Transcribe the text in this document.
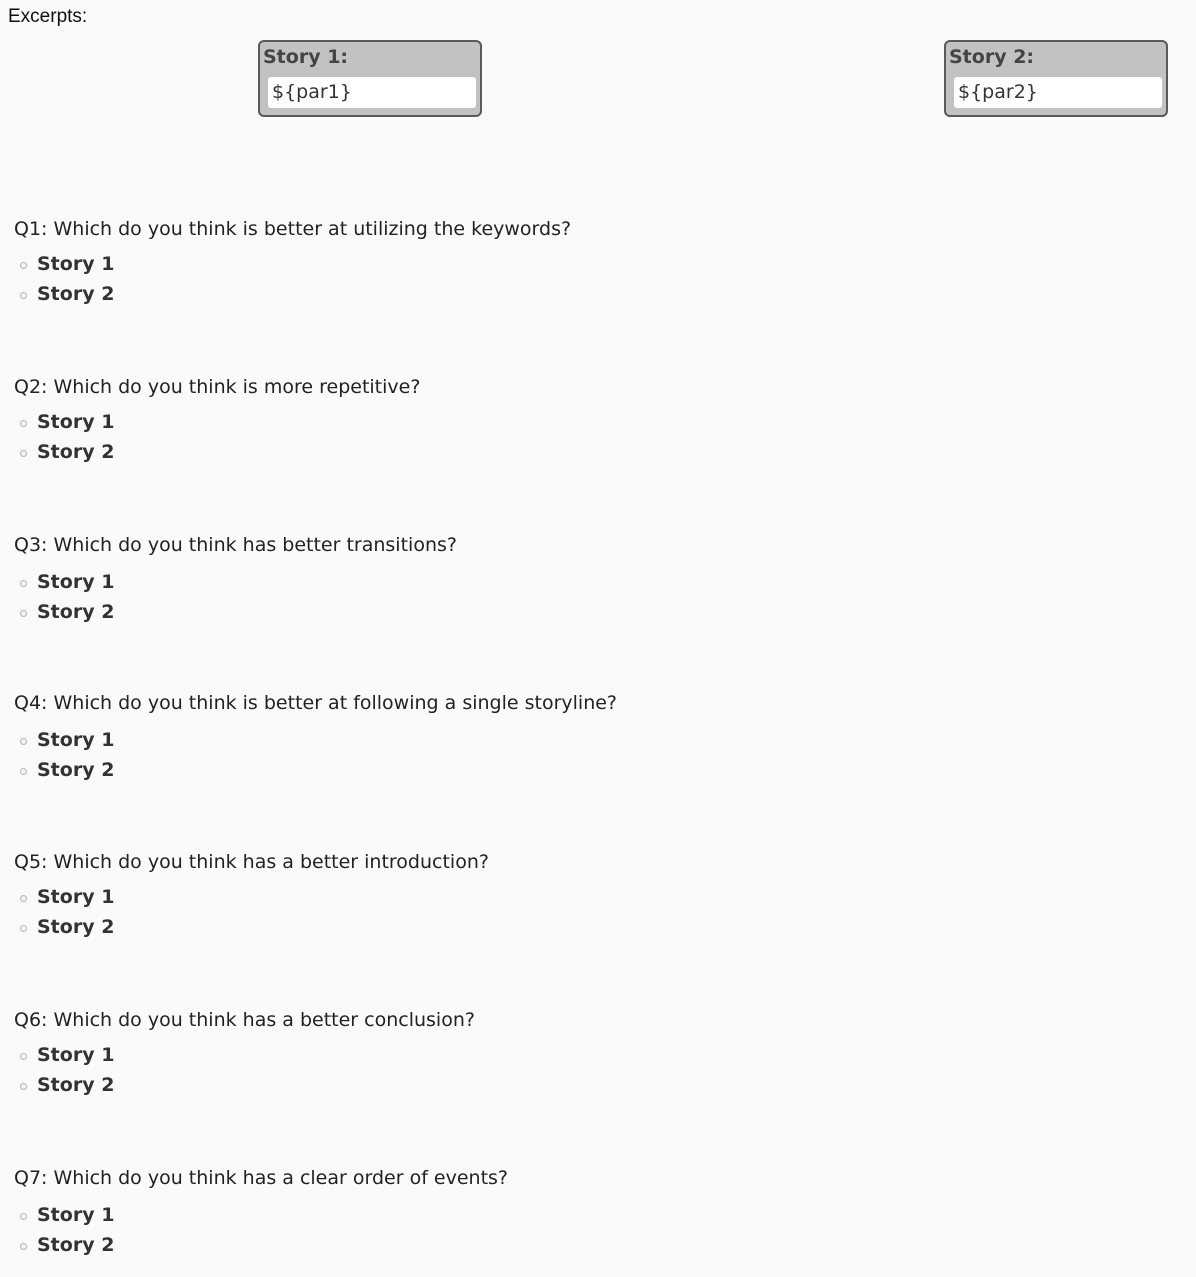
Excerpts:
Story 1:
${par1}
Story 2:
${par2}
Q1: Which do you think is better at utilizing the keywords?
Story 1
Story 2
Q2: Which do you think is more repetitive?
Story 1
Story 2
Q3: Which do you think has better transitions?
Story 1
Story 2
Q4: Which do you think is better at following a single storyline?
Story 1
Story 2
Q5: Which do you think has a better introduction?
Story 1
Story 2
Q6: Which do you think has a better conclusion?
Story 1
Story 2
Q7: Which do you think has a clear order of events?
Story 1
Story 2
